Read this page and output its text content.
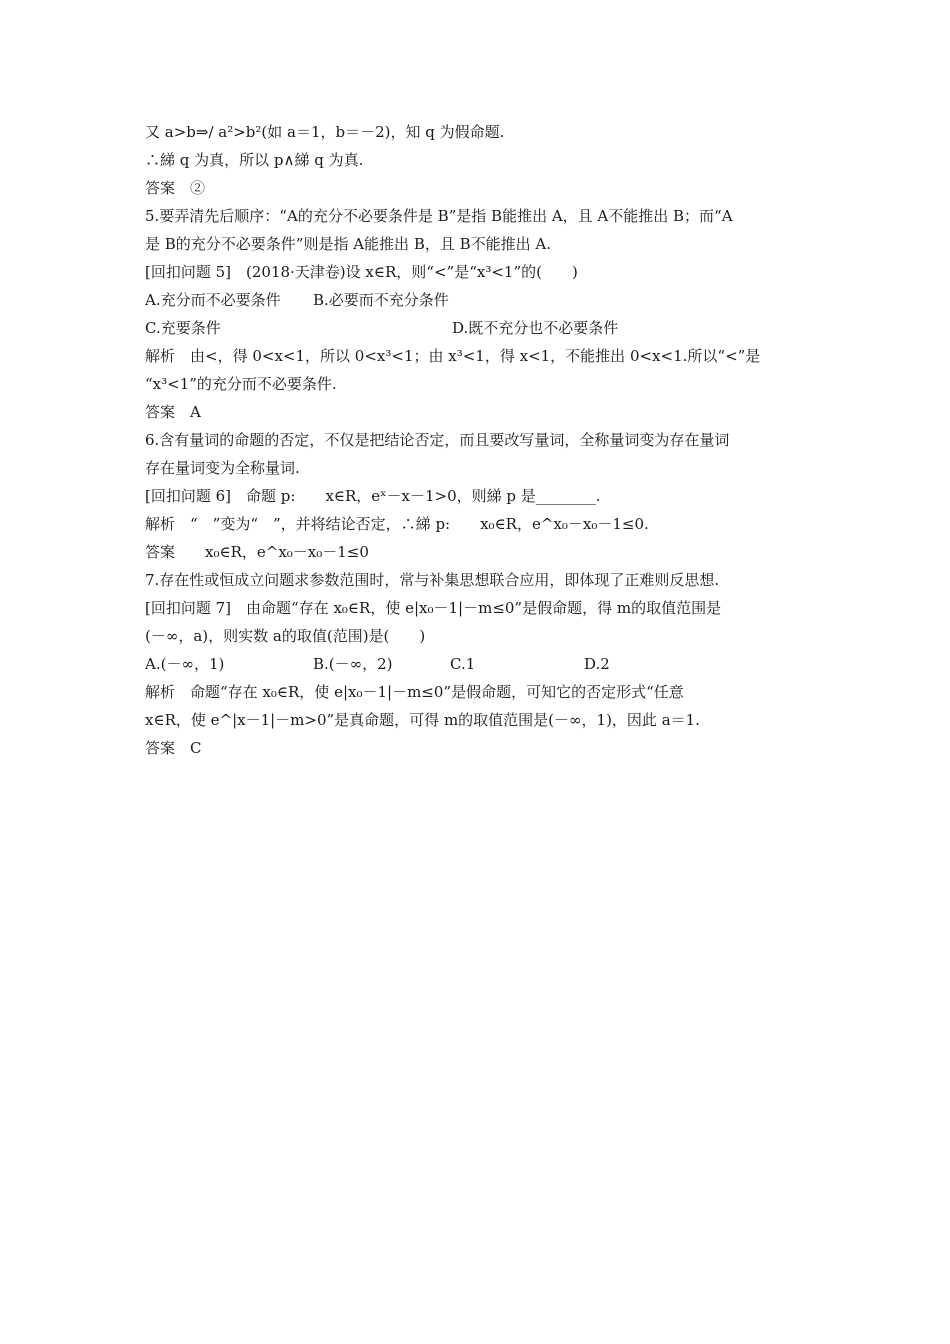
又 a>b⇒/ a²>b²(如 a＝1，b＝－2)，知 q 为假命题.
∴綈 q 为真，所以 p∧綈 q 为真.
答案　②
5.要弄清先后顺序：“A的充分不必要条件是 B”是指 B能推出 A，且 A不能推出 B；而“A
是 B的充分不必要条件”则是指 A能推出 B，且 B不能推出 A.
[回扣问题 5]　(2018·天津卷)设 x∈R，则“<”是“x³<1”的(　　)
A.充分而不必要条件	B.必要而不充分条件
C.充要条件	D.既不充分也不必要条件
解析　由<，得 0<x<1，所以 0<x³<1；由 x³<1，得 x<1，不能推出 0<x<1.所以“<”是
“x³<1”的充分而不必要条件.
答案　A
6.含有量词的命题的否定，不仅是把结论否定，而且要改写量词，全称量词变为存在量词
存在量词变为全称量词.
[回扣问题 6]　命题 p:　　x∈R，eˣ－x－1>0，则綈 p 是________.
解析　“　”变为“　”，并将结论否定，∴綈 p:　　x₀∈R，e^x₀－x₀－1≤0.
答案　　x₀∈R，e^x₀－x₀－1≤0
7.存在性或恒成立问题求参数范围时，常与补集思想联合应用，即体现了正难则反思想.
[回扣问题 7]　由命题“存在 x₀∈R，使 e|x₀－1|－m≤0”是假命题，得 m的取值范围是
(－∞，a)，则实数 a的取值(范围)是(　　)
A.(－∞，1)	B.(－∞，2)	C.1	D.2
解析　命题“存在 x₀∈R，使 e|x₀－1|－m≤0”是假命题，可知它的否定形式“任意
x∈R，使 e^|x－1|－m>0”是真命题，可得 m的取值范围是(－∞，1)，因此 a＝1.
答案　C
